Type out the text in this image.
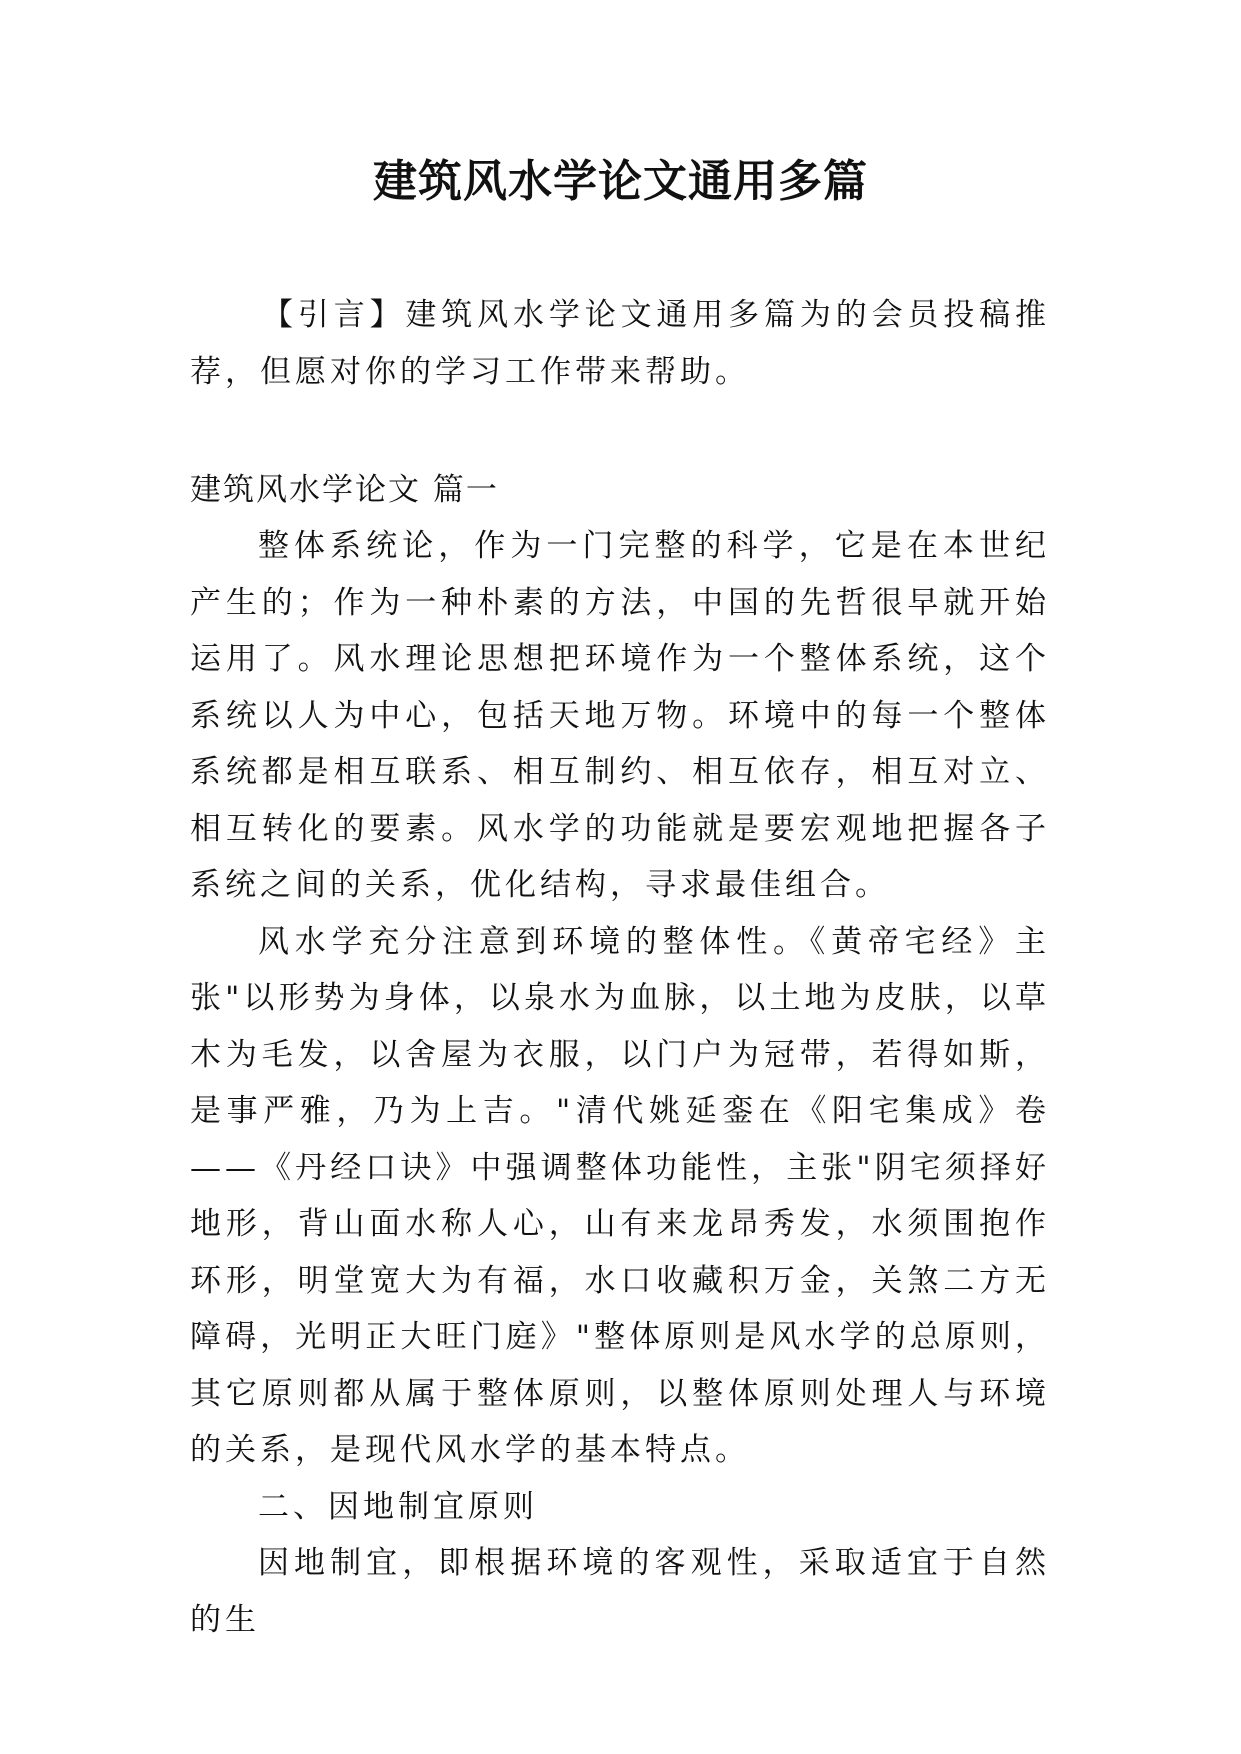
建筑风水学论文通用多篇

【引言】建筑风水学论文通用多篇为的会员投稿推荐，但愿对你的学习工作带来帮助。

建筑风水学论文 篇一

整体系统论，作为一门完整的科学，它是在本世纪产生的；作为一种朴素的方法，中国的先哲很早就开始运用了。风水理论思想把环境作为一个整体系统，这个系统以人为中心，包括天地万物。环境中的每一个整体系统都是相互联系、相互制约、相互依存，相互对立、相互转化的要素。风水学的功能就是要宏观地把握各子系统之间的关系，优化结构，寻求最佳组合。

风水学充分注意到环境的整体性。《黄帝宅经》主张"以形势为身体，以泉水为血脉，以土地为皮肤，以草木为毛发，以舍屋为衣服，以门户为冠带，若得如斯，是事严雅，乃为上吉。"清代姚延銮在《阳宅集成》卷——《丹经口诀》中强调整体功能性，主张"阴宅须择好地形，背山面水称人心，山有来龙昂秀发，水须围抱作环形，明堂宽大为有福，水口收藏积万金，关煞二方无障碍，光明正大旺门庭》"整体原则是风水学的总原则，其它原则都从属于整体原则，以整体原则处理人与环境的关系，是现代风水学的基本特点。

二、因地制宜原则

因地制宜，即根据环境的客观性，采取适宜于自然的生
